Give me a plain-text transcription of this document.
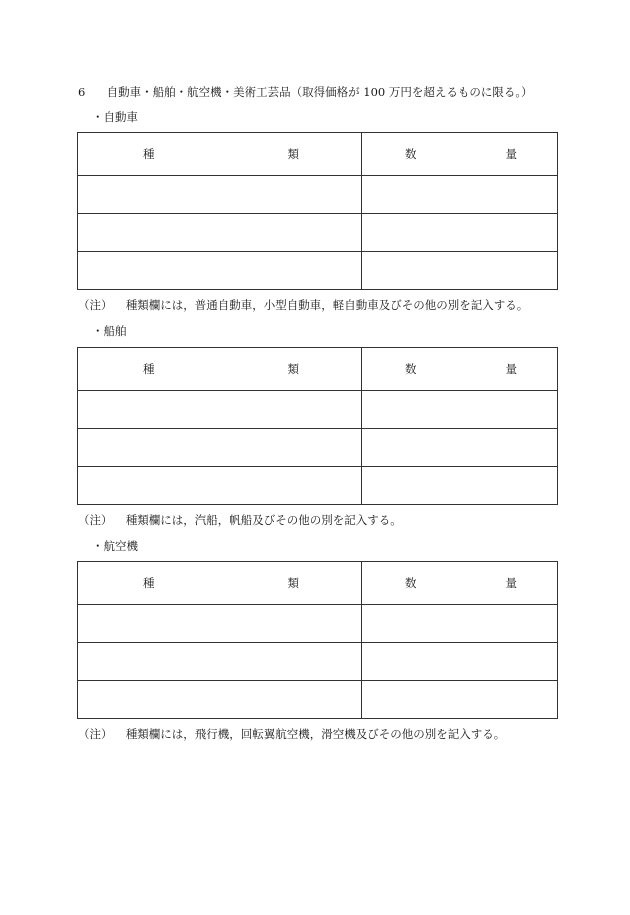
6 自動車・船舶・航空機・美術工芸品（取得価格が 100 万円を超えるものに限る。）
・自動車
種 類	数 量

（注） 種類欄には，普通自動車，小型自動車，軽自動車及びその他の別を記入する。
・船舶
種 類	数 量

（注） 種類欄には，汽船，帆船及びその他の別を記入する。
・航空機
種 類	数 量

（注） 種類欄には，飛行機，回転翼航空機，滑空機及びその他の別を記入する。
